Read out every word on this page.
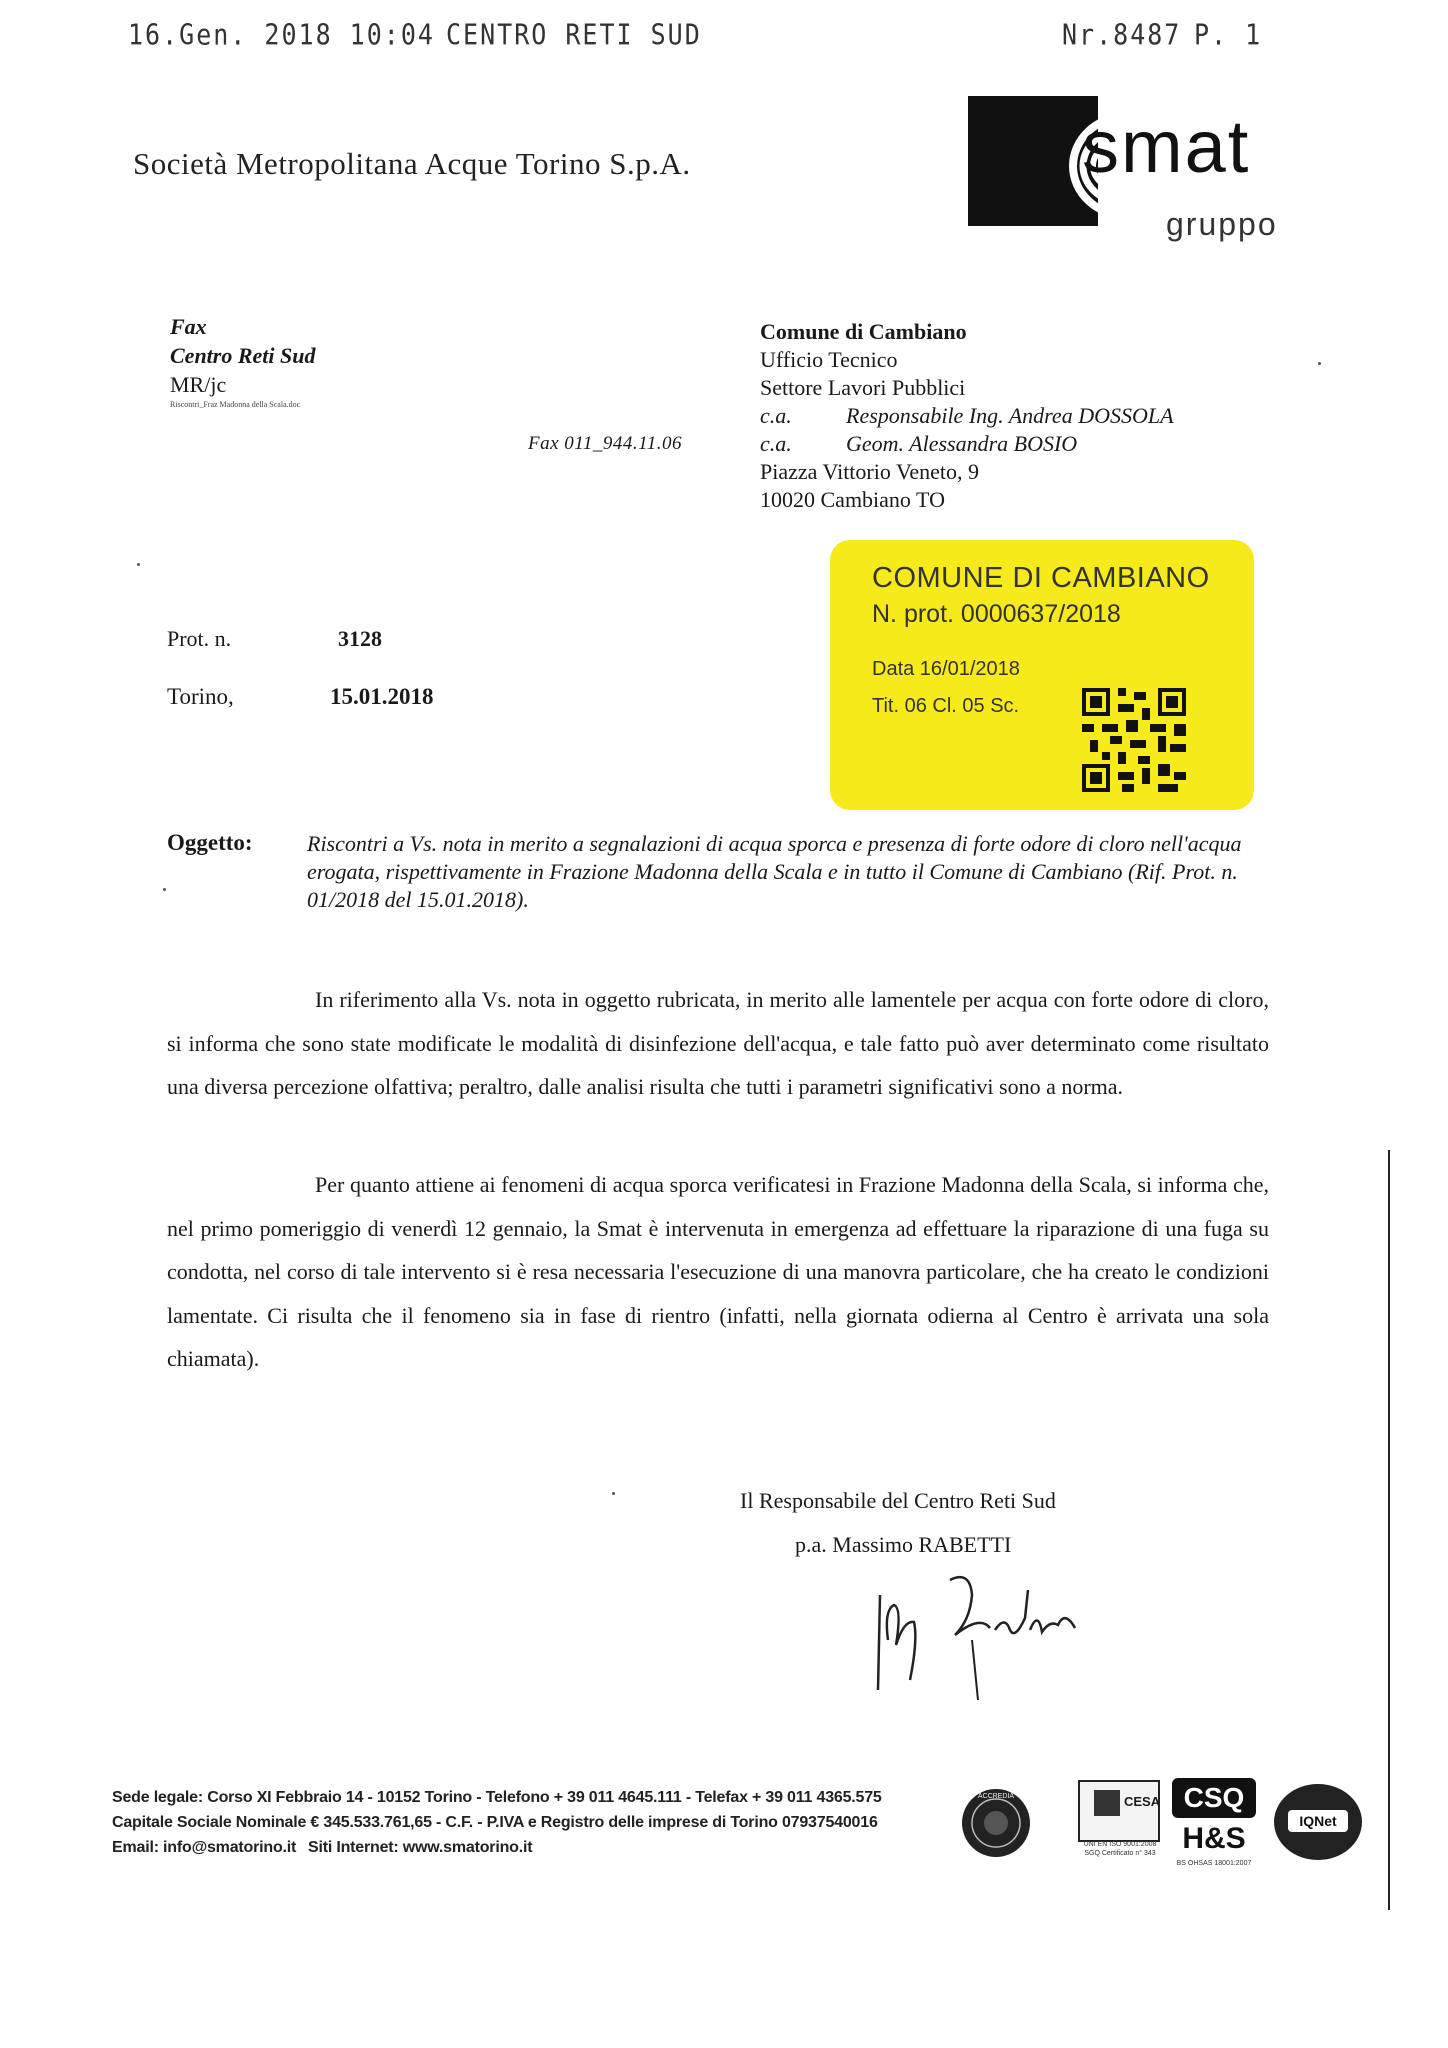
16.Gen. 2018 10:04 CENTRO RETI SUD	Nr.8487 P. 1
Società Metropolitana Acque Torino S.p.A.	smat
gruppo
Fax
Centro Reti Sud
MR/jc
Riscontri_Fraz Madonna della Scala.doc
Fax 011_944.11.06
Comune di Cambiano
Ufficio Tecnico
Settore Lavori Pubblici
c.a. Responsabile Ing. Andrea DOSSOLA
c.a. Geom. Alessandra BOSIO
Piazza Vittorio Veneto, 9
10020 Cambiano TO
COMUNE DI CAMBIANO
N. prot. 0000637/2018
Data 16/01/2018
Tit. 06 Cl. 05 Sc.
Prot. n.	3128
Torino,	15.01.2018
Oggetto: Riscontri a Vs. nota in merito a segnalazioni di acqua sporca e presenza di forte odore di cloro nell'acqua erogata, rispettivamente in Frazione Madonna della Scala e in tutto il Comune di Cambiano (Rif. Prot. n. 01/2018 del 15.01.2018).
In riferimento alla Vs. nota in oggetto rubricata, in merito alle lamentele per acqua con forte odore di cloro, si informa che sono state modificate le modalità di disinfezione dell'acqua, e tale fatto può aver determinato come risultato una diversa percezione olfattiva; peraltro, dalle analisi risulta che tutti i parametri significativi sono a norma.
Per quanto attiene ai fenomeni di acqua sporca verificatesi in Frazione Madonna della Scala, si informa che, nel primo pomeriggio di venerdì 12 gennaio, la Smat è intervenuta in emergenza ad effettuare la riparazione di una fuga su condotta, nel corso di tale intervento si è resa necessaria l'esecuzione di una manovra particolare, che ha creato le condizioni lamentate. Ci risulta che il fenomeno sia in fase di rientro (infatti, nella giornata odierna al Centro è arrivata una sola chiamata).
Il Responsabile del Centro Reti Sud
p.a. Massimo RABETTI
Sede legale: Corso XI Febbraio 14 - 10152 Torino - Telefono + 39 011 4645.111 - Telefax + 39 011 4365.575
Capitale Sociale Nominale € 345.533.761,65 - C.F. - P.IVA e Registro delle imprese di Torino 07937540016
Email: info@smatorino.it Siti Internet: www.smatorino.it
ACCREDIA	CESA
UNI EN ISO 9001:2008
SGQ Certificato n° 343
CSQ
H&S
BS OHSAS 18001:2007
IQNet
